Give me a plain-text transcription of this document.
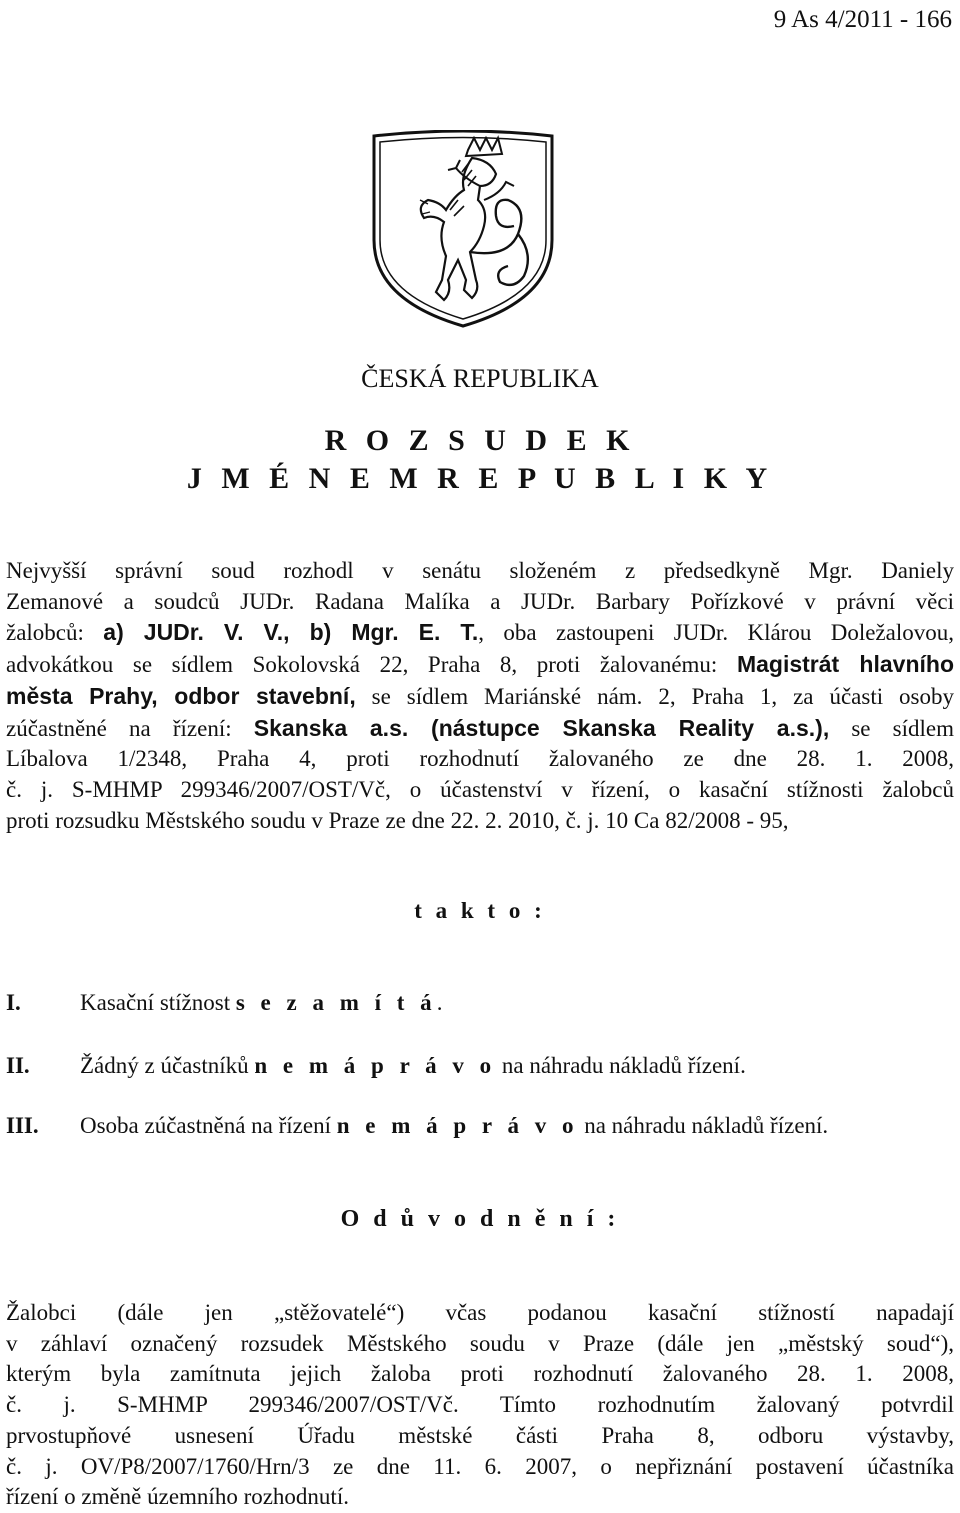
9 As 4/2011 - 166
ČESKÁ REPUBLIKA
R O Z S U D E K
J M É N E M R E P U B L I K Y
Nejvyšší správní soud rozhodl v senátu složeném z předsedkyně Mgr. Daniely
Zemanové a soudců JUDr. Radana Malíka a JUDr. Barbary Pořízkové v právní věci
žalobců: a) JUDr. V. V., b) Mgr. E. T., oba zastoupeni JUDr. Klárou Doležalovou,
advokátkou se sídlem Sokolovská 22, Praha 8, proti žalovanému: Magistrát hlavního
města Prahy, odbor stavební, se sídlem Mariánské nám. 2, Praha 1, za účasti osoby
zúčastněné na řízení: Skanska a.s. (nástupce Skanska Reality a.s.), se sídlem
Líbalova 1/2348, Praha 4, proti rozhodnutí žalovaného ze dne 28. 1. 2008,
č. j. S-MHMP 299346/2007/OST/Vč, o účastenství v řízení, o kasační stížnosti žalobců
proti rozsudku Městského soudu v Praze ze dne 22. 2. 2010, č. j. 10 Ca 82/2008 - 95,
t a k t o :
I.	Kasační stížnost s e z a m í t á.
II. Žádný z účastníků n e m á p r á v o na náhradu nákladů řízení.
III. Osoba zúčastněná na řízení n e m á p r á v o na náhradu nákladů řízení.
O d ů v o d n ě n í :
Žalobci (dále jen „stěžovatelé“) včas podanou kasační stížností napadají
v záhlaví označený rozsudek Městského soudu v Praze (dále jen „městský soud“),
kterým byla zamítnuta jejich žaloba proti rozhodnutí žalovaného 28. 1. 2008,
č. j. S-MHMP 299346/2007/OST/Vč. Tímto rozhodnutím žalovaný potvrdil
prvostupňové usnesení Úřadu městské části Praha 8, odboru výstavby,
č. j. OV/P8/2007/1760/Hrn/3 ze dne 11. 6. 2007, o nepřiznání postavení účastníka
řízení o změně územního rozhodnutí.
